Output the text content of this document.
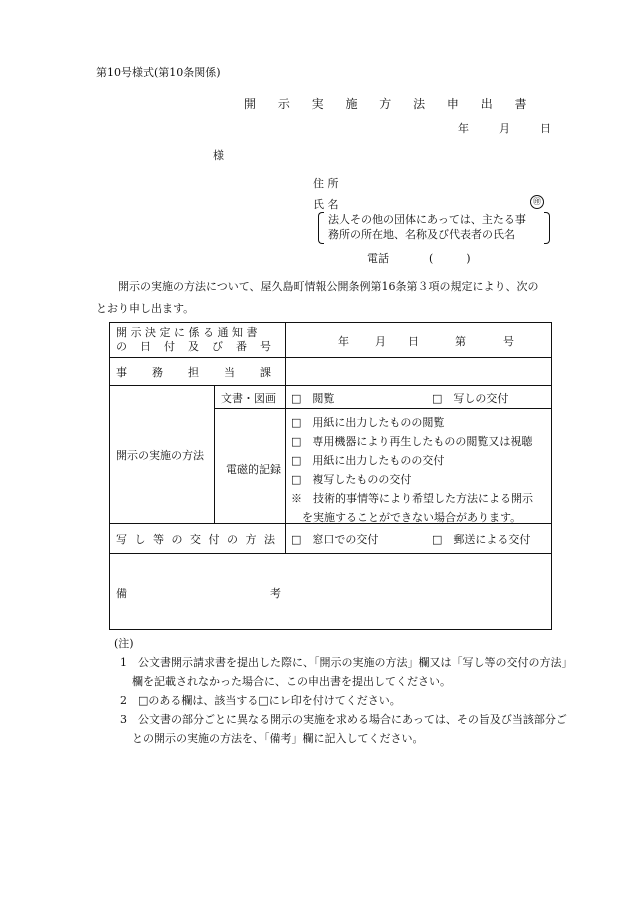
第10号様式(第10条関係)
開 示 実 施 方 法 申 出 書
年	月	日
様
住 所
氏 名	㊞
法人その他の団体にあっては、主たる事
務所の所在地、名称及び代表者の氏名
電話	(　　　)

開示の実施の方法について、屋久島町情報公開条例第16条第３項の規定により、次の

とおり申し出ます。

開示決定に係る通知書
の日付及び番号	年 月 日	第	号
事務担当課
開示の実施の方法
文書・図画 □　閲覧	□　写しの交付
電磁的記録
□　用紙に出力したものの閲覧
□　専用機器により再生したものの閲覧又は視聴
□　用紙に出力したものの交付
□　複写したものの交付
※　技術的事情等により希望した方法による開示
　を実施することができない場合があります。
写し等の交付の方法 □　窓口での交付	□　郵送による交付
備	考

(注)

1　公文書開示請求書を提出した際に、「開示の実施の方法」欄又は「写し等の交付の方法」欄を記載されなかった場合に、この申出書を提出してください。

2　□のある欄は、該当する□にレ印を付けてください。

3　公文書の部分ごとに異なる開示の実施を求める場合にあっては、その旨及び当該部分ごとの開示の実施の方法を、「備考」欄に記入してください。
